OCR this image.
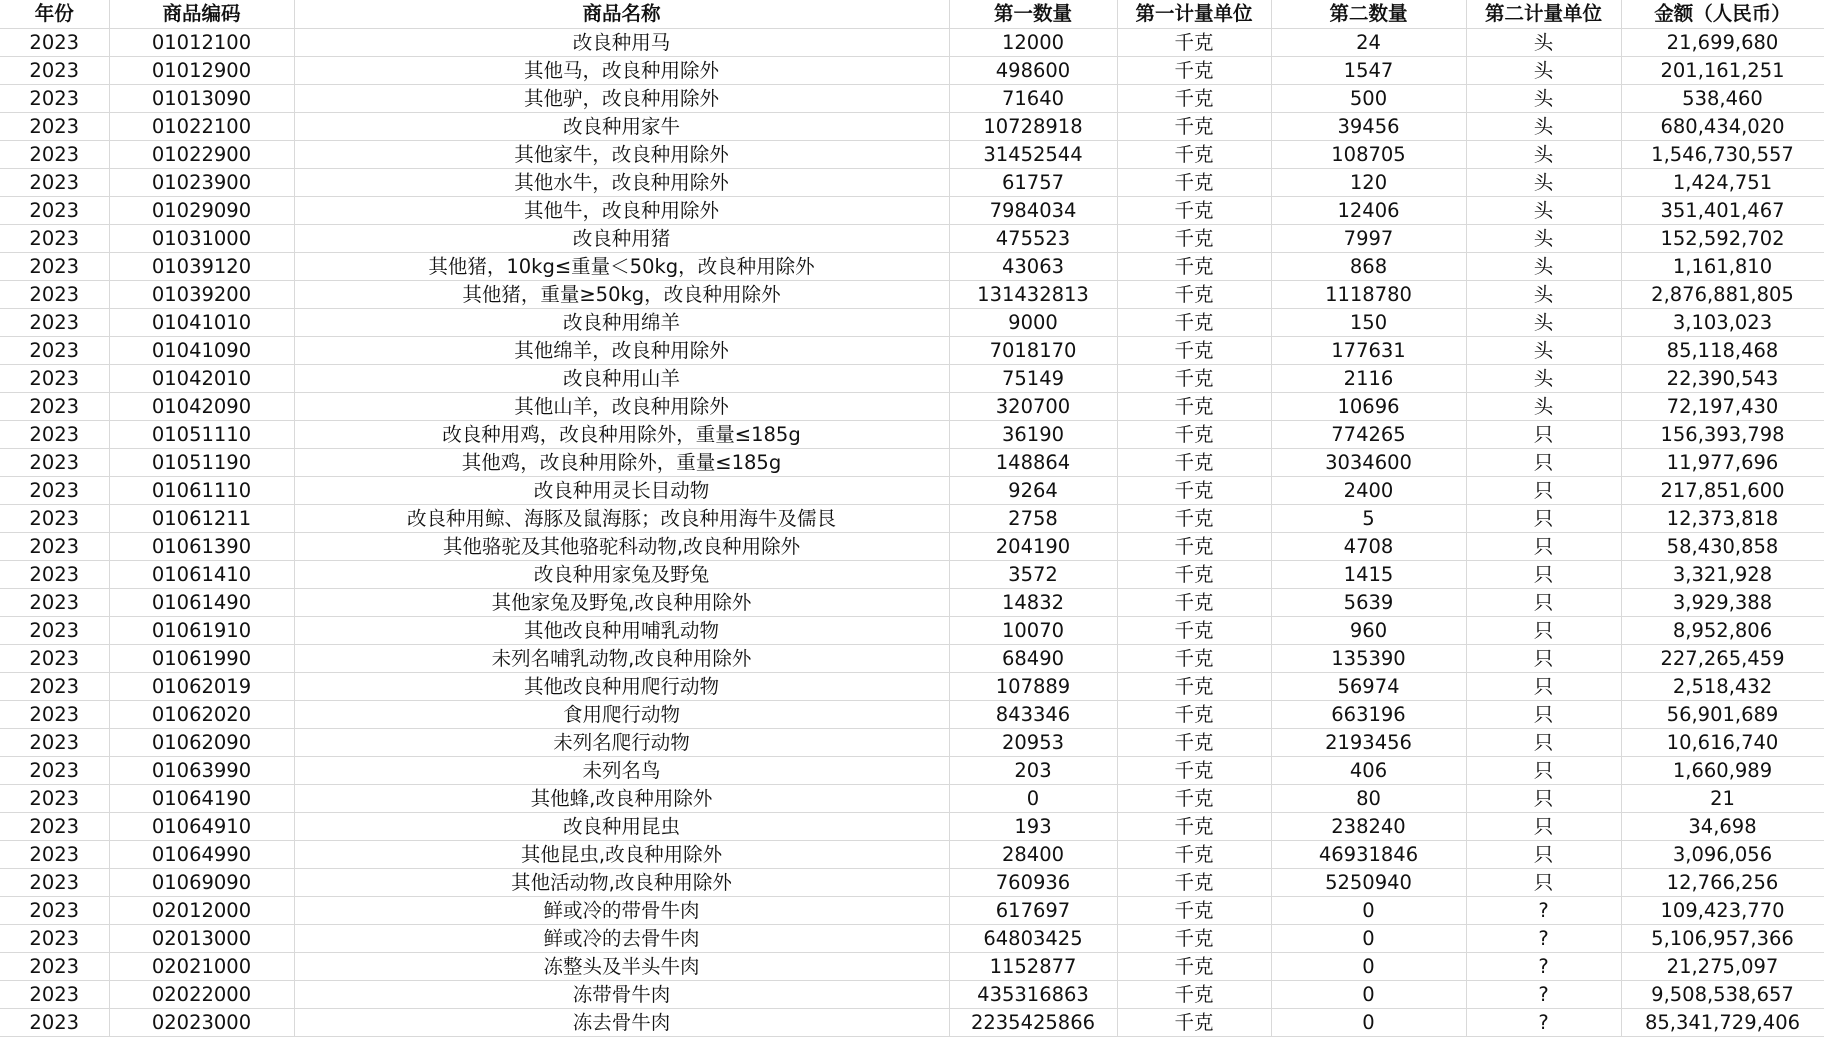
年份	商品编码	商品名称	第一数量	第一计量单位	第二数量	第二计量单位	金额（人民币）
2023	01012100	改良种用马	12000	千克	24	头	21,699,680
2023	01012900	其他马，改良种用除外	498600	千克	1547	头	201,161,251
2023	01013090	其他驴，改良种用除外	71640	千克	500	头	538,460
2023	01022100	改良种用家牛	10728918	千克	39456	头	680,434,020
2023	01022900	其他家牛，改良种用除外	31452544	千克	108705	头	1,546,730,557
2023	01023900	其他水牛，改良种用除外	61757	千克	120	头	1,424,751
2023	01029090	其他牛，改良种用除外	7984034	千克	12406	头	351,401,467
2023	01031000	改良种用猪	475523	千克	7997	头	152,592,702
2023	01039120	其他猪，10kg≤重量＜50kg，改良种用除外	43063	千克	868	头	1,161,810
2023	01039200	其他猪，重量≥50kg，改良种用除外	131432813	千克	1118780	头	2,876,881,805
2023	01041010	改良种用绵羊	9000	千克	150	头	3,103,023
2023	01041090	其他绵羊，改良种用除外	7018170	千克	177631	头	85,118,468
2023	01042010	改良种用山羊	75149	千克	2116	头	22,390,543
2023	01042090	其他山羊，改良种用除外	320700	千克	10696	头	72,197,430
2023	01051110	改良种用鸡，改良种用除外，重量≤185g	36190	千克	774265	只	156,393,798
2023	01051190	其他鸡，改良种用除外，重量≤185g	148864	千克	3034600	只	11,977,696
2023	01061110	改良种用灵长目动物	9264	千克	2400	只	217,851,600
2023	01061211	改良种用鲸、海豚及鼠海豚；改良种用海牛及儒艮	2758	千克	5	只	12,373,818
2023	01061390	其他骆驼及其他骆驼科动物,改良种用除外	204190	千克	4708	只	58,430,858
2023	01061410	改良种用家兔及野兔	3572	千克	1415	只	3,321,928
2023	01061490	其他家兔及野兔,改良种用除外	14832	千克	5639	只	3,929,388
2023	01061910	其他改良种用哺乳动物	10070	千克	960	只	8,952,806
2023	01061990	未列名哺乳动物,改良种用除外	68490	千克	135390	只	227,265,459
2023	01062019	其他改良种用爬行动物	107889	千克	56974	只	2,518,432
2023	01062020	食用爬行动物	843346	千克	663196	只	56,901,689
2023	01062090	未列名爬行动物	20953	千克	2193456	只	10,616,740
2023	01063990	未列名鸟	203	千克	406	只	1,660,989
2023	01064190	其他蜂,改良种用除外	0	千克	80	只	21
2023	01064910	改良种用昆虫	193	千克	238240	只	34,698
2023	01064990	其他昆虫,改良种用除外	28400	千克	46931846	只	3,096,056
2023	01069090	其他活动物,改良种用除外	760936	千克	5250940	只	12,766,256
2023	02012000	鲜或冷的带骨牛肉	617697	千克	0	?	109,423,770
2023	02013000	鲜或冷的去骨牛肉	64803425	千克	0	?	5,106,957,366
2023	02021000	冻整头及半头牛肉	1152877	千克	0	?	21,275,097
2023	02022000	冻带骨牛肉	435316863	千克	0	?	9,508,538,657
2023	02023000	冻去骨牛肉	2235425866	千克	0	?	85,341,729,406
